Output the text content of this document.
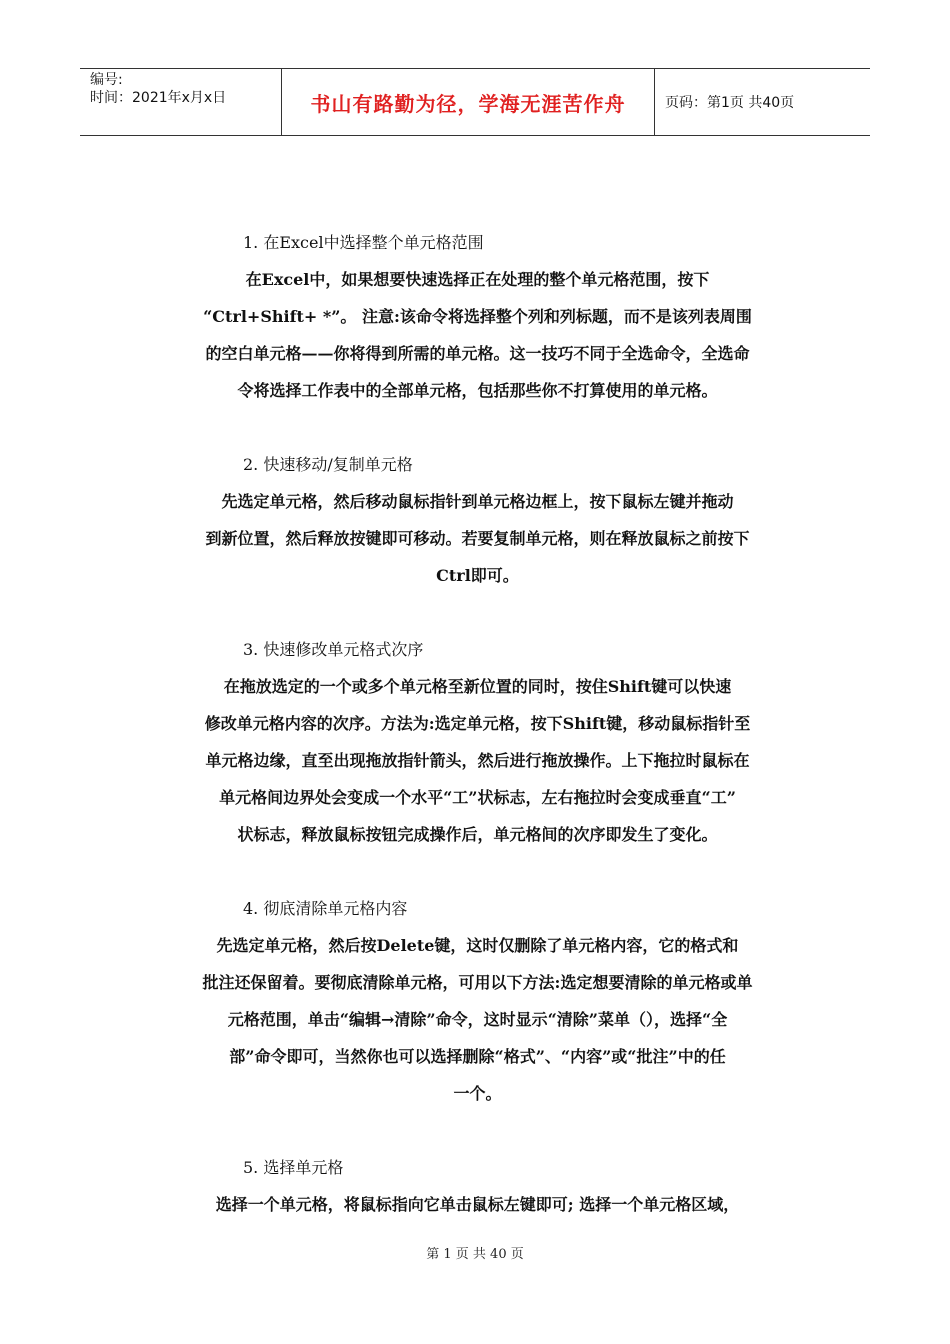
编号:
时间：2021年x月x日	书山有路勤为径，学海无涯苦作舟	页码：第1页 共40页
1. 在Excel中选择整个单元格范围

在Excel中，如果想要快速选择正在处理的整个单元格范围，按下
“Ctrl+Shift+ *”。 注意:该命令将选择整个列和列标题，而不是该列表周围
的空白单元格——你将得到所需的单元格。这一技巧不同于全选命令，全选命
令将选择工作表中的全部单元格，包括那些你不打算使用的单元格。

2. 快速移动/复制单元格

先选定单元格，然后移动鼠标指针到单元格边框上，按下鼠标左键并拖动
到新位置，然后释放按键即可移动。若要复制单元格，则在释放鼠标之前按下
Ctrl即可。

3. 快速修改单元格式次序

在拖放选定的一个或多个单元格至新位置的同时，按住Shift键可以快速
修改单元格内容的次序。方法为:选定单元格，按下Shift键，移动鼠标指针至
单元格边缘，直至出现拖放指针箭头，然后进行拖放操作。上下拖拉时鼠标在
单元格间边界处会变成一个水平“工”状标志，左右拖拉时会变成垂直“工”
状标志，释放鼠标按钮完成操作后，单元格间的次序即发生了变化。

4. 彻底清除单元格内容

先选定单元格，然后按Delete键，这时仅删除了单元格内容，它的格式和
批注还保留着。要彻底清除单元格，可用以下方法:选定想要清除的单元格或单
元格范围，单击“编辑→清除”命令，这时显示“清除”菜单（），选择“全
部”命令即可，当然你也可以选择删除“格式”、“内容”或“批注”中的任
一个。

5. 选择单元格

选择一个单元格，将鼠标指向它单击鼠标左键即可; 选择一个单元格区域，

第 1 页 共 40 页
